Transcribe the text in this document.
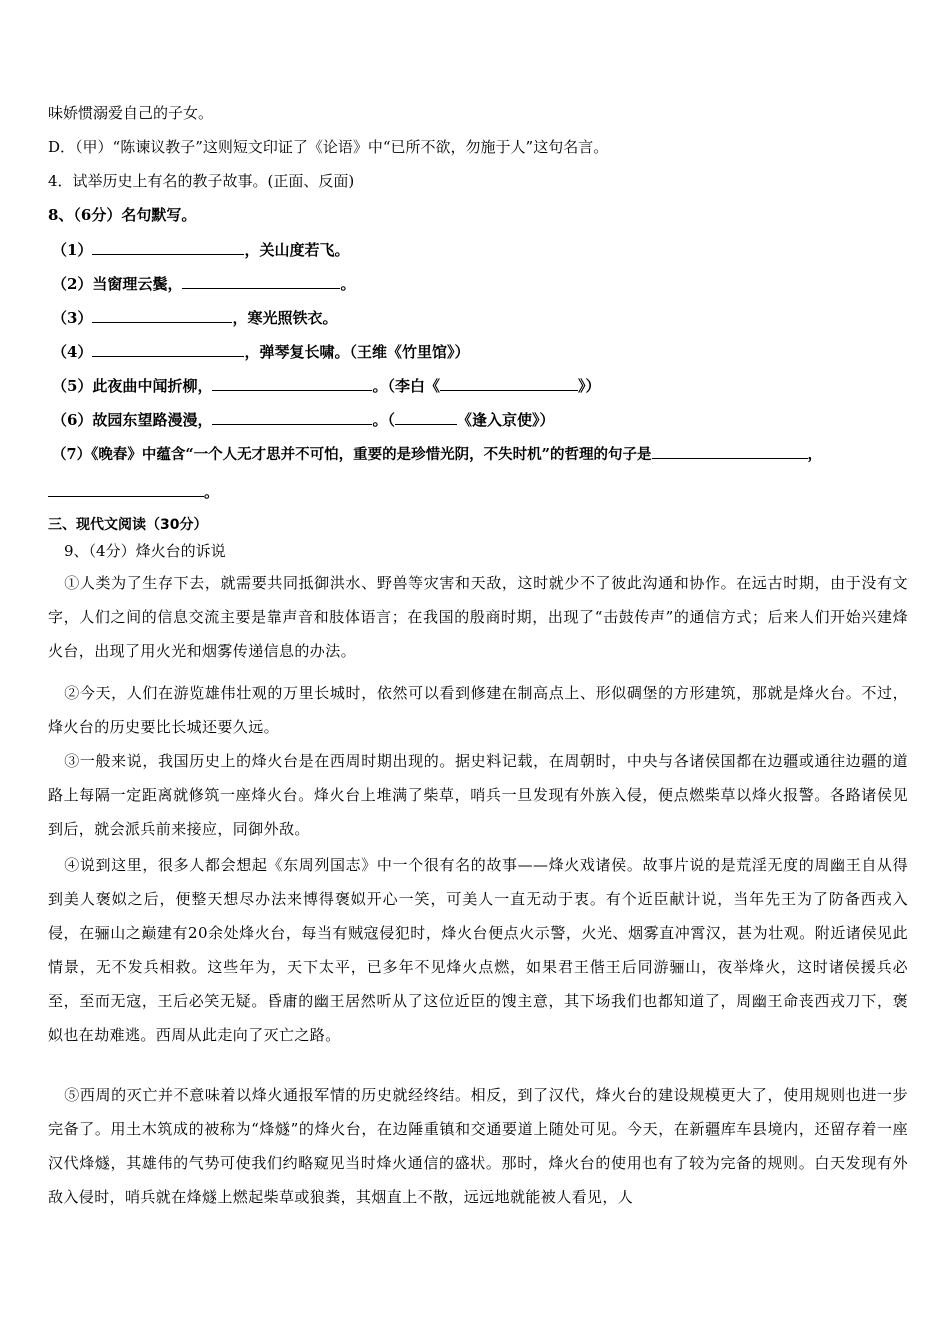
味娇惯溺爱自己的子女。
D．（甲）“陈谏议教子”这则短文印证了《论语》中“已所不欲，勿施于人”这句名言。
4．试举历史上有名的教子故事。(正面、反面)
8、（6分）名句默写。
（1）	，关山度若飞。
（2）当窗理云鬓，	。
（3）	，寒光照铁衣。
（4）	，弹琴复长啸。（王维《竹里馆》）
（5）此夜曲中闻折柳，	。（李白《	》）
（6）故园东望路漫漫，	。（	《逢入京使》）
（7）《晚春》中蕴含“一个人无才思并不可怕，重要的是珍惜光阴，不失时机”的哲理的句子是	，
。
三、现代文阅读（30分）
9、（4分）烽火台的诉说
①人类为了生存下去，就需要共同抵御洪水、野兽等灾害和天敌，这时就少不了彼此沟通和协作。在远古时期，由于没有文字，人们之间的信息交流主要是靠声音和肢体语言；在我国的殷商时期，出现了“击鼓传声”的通信方式；后来人们开始兴建烽火台，出现了用火光和烟雾传递信息的办法。
②今天，人们在游览雄伟壮观的万里长城时，依然可以看到修建在制高点上、形似碉堡的方形建筑，那就是烽火台。不过，烽火台的历史要比长城还要久远。
③一般来说，我国历史上的烽火台是在西周时期出现的。据史料记载，在周朝时，中央与各诸侯国都在边疆或通往边疆的道路上每隔一定距离就修筑一座烽火台。烽火台上堆满了柴草，哨兵一旦发现有外族入侵，便点燃柴草以烽火报警。各路诸侯见到后，就会派兵前来接应，同御外敌。
④说到这里，很多人都会想起《东周列国志》中一个很有名的故事——烽火戏诸侯。故事片说的是荒淫无度的周幽王自从得到美人褒姒之后，便整天想尽办法来博得褒姒开心一笑，可美人一直无动于衷。有个近臣献计说，当年先王为了防备西戎入侵，在骊山之巅建有20余处烽火台，每当有贼寇侵犯时，烽火台便点火示警，火光、烟雾直冲霄汉，甚为壮观。附近诸侯见此情景，无不发兵相救。这些年为，天下太平，已多年不见烽火点燃，如果君王偕王后同游骊山，夜举烽火，这时诸侯援兵必至，至而无寇，王后必笑无疑。昏庸的幽王居然听从了这位近臣的馊主意，其下场我们也都知道了，周幽王命丧西戎刀下，褒姒也在劫难逃。西周从此走向了灭亡之路。
⑤西周的灭亡并不意味着以烽火通报军情的历史就经终结。相反，到了汉代，烽火台的建设规模更大了，使用规则也进一步完备了。用土木筑成的被称为“烽燧”的烽火台，在边陲重镇和交通要道上随处可见。今天，在新疆库车县境内，还留存着一座汉代烽燧，其雄伟的气势可使我们约略窥见当时烽火通信的盛状。那时，烽火台的使用也有了较为完备的规则。白天发现有外敌入侵时，哨兵就在烽燧上燃起柴草或狼粪，其烟直上不散，远远地就能被人看见，人
